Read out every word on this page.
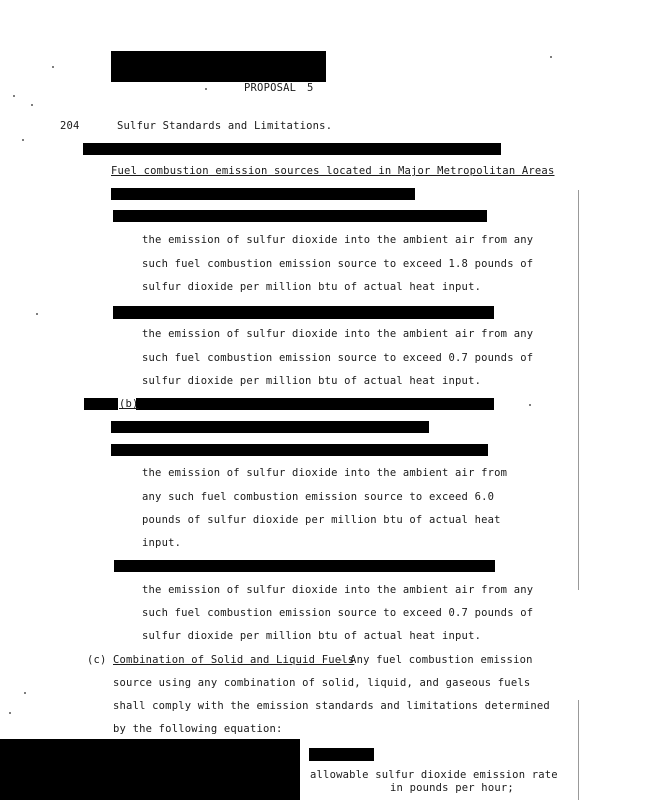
PROPOSAL 5
204	Sulfur Standards and Limitations.
Fuel combustion emission sources located in Major Metropolitan Areas
the emission of sulfur dioxide into the ambient air from any
such fuel combustion emission source to exceed 1.8 pounds of
sulfur dioxide per million btu of actual heat input.
the emission of sulfur dioxide into the ambient air from any
such fuel combustion emission source to exceed 0.7 pounds of
sulfur dioxide per million btu of actual heat input.
(b)
the emission of sulfur dioxide into the ambient air from
any such fuel combustion emission source to exceed 6.0
pounds of sulfur dioxide per million btu of actual heat
input.
the emission of sulfur dioxide into the ambient air from any
such fuel combustion emission source to exceed 0.7 pounds of
sulfur dioxide per million btu of actual heat input.
(c) Combination of Solid and Liquid Fuels
- Any fuel combustion emission
source using any combination of solid, liquid, and gaseous fuels
shall comply with the emission standards and limitations determined
by the following equation:
allowable sulfur dioxide emission rate
in pounds per hour;
